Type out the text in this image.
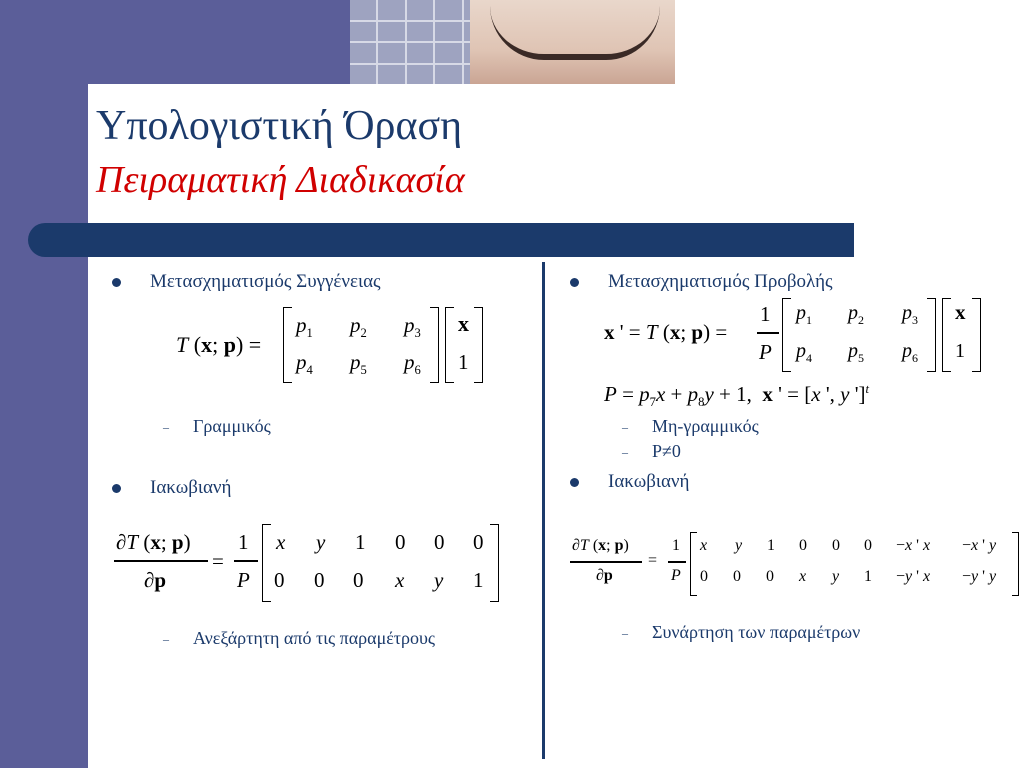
Υπολογιστική Όραση
Πειραματική Διαδικασία
Μετασχηματισμός Συγγένειας
T (x; p) =
$p_1$ $p_2$ $p_3$
$p_4$ $p_5$ $p_6$
x
1
– Γραμμικός
Ιακωβιανή
∂T (x; p)
∂p
=
1
P
x y 1 0 0 0
0 0 0 x y 1
– Ανεξάρτητη από τις παραμέτρους
Μετασχηματισμός Προβολής
x ' = T (x; p) =
1
P
$p_1$ $p_2$ $p_3$
$p_4$ $p_5$ $p_6$
x
1
$P = p_7x + p_8y + 1$,  x ' = [x ', y ']$^t$
– Μη-γραμμικός
– P≠0
Ιακωβιανή
∂T (x; p)
∂p
=
1
P
x y 1 0 0 0 −x ' x −x ' y
0 0 0 x y 1 −y ' x −y ' y
– Συνάρτηση των παραμέτρων
